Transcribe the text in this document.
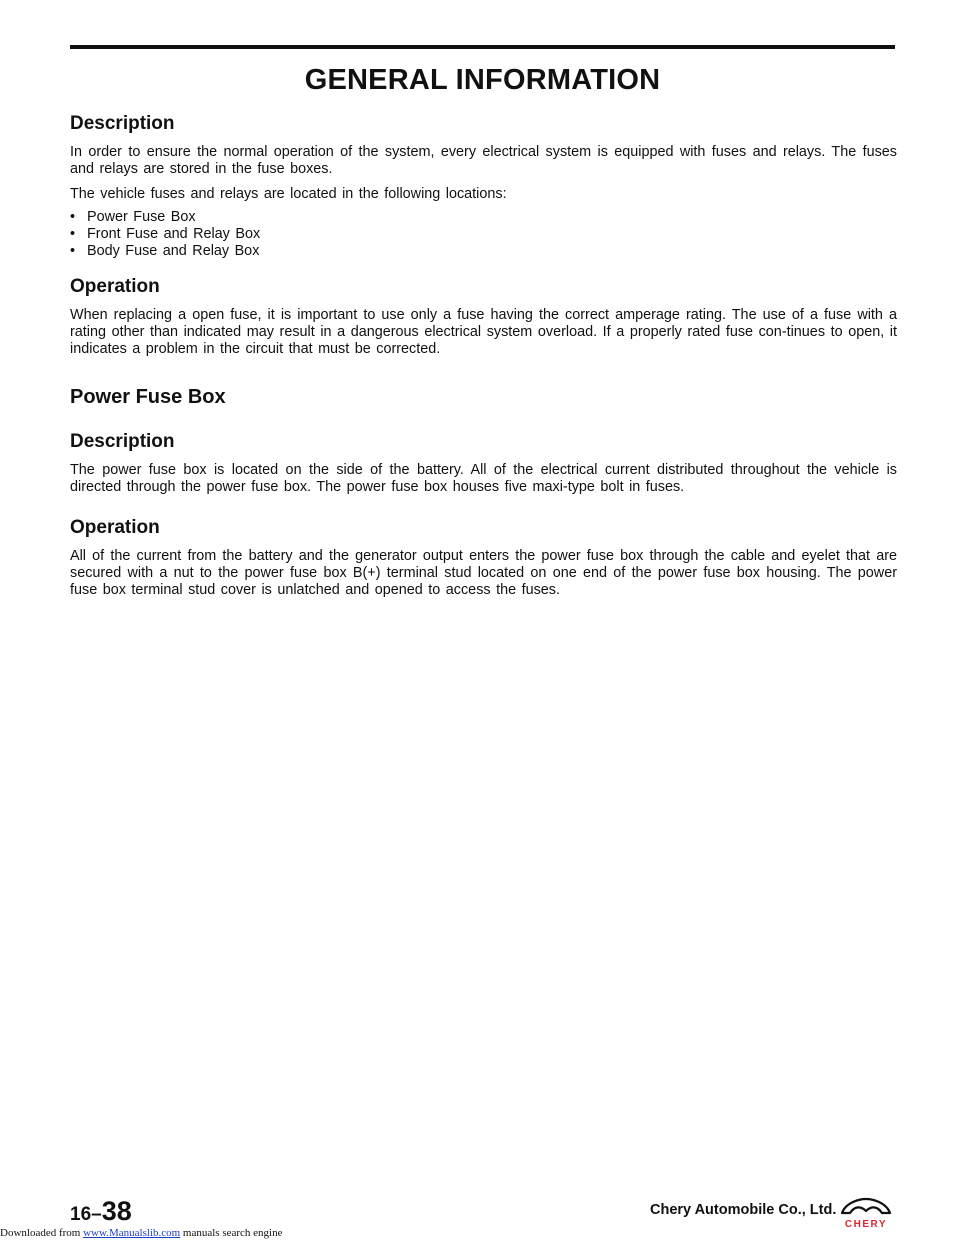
GENERAL INFORMATION
Description

In order to ensure the normal operation of the system, every electrical system is equipped with fuses and relays. The fuses and relays are stored in the fuse boxes.

The vehicle fuses and relays are located in the following locations:

• Power Fuse Box
• Front Fuse and Relay Box
• Body Fuse and Relay Box
Operation

When replacing a open fuse, it is important to use only a fuse having the correct amperage rating. The use of a fuse with a rating other than indicated may result in a dangerous electrical system overload. If a properly rated fuse con-tinues to open, it indicates a problem in the circuit that must be corrected.

Power Fuse Box
Description

The power fuse box is located on the side of the battery. All of the electrical current distributed throughout the vehicle is directed through the power fuse box. The power fuse box houses five maxi-type bolt in fuses.

Operation

All of the current from the battery and the generator output enters the power fuse box through the cable and eyelet that are secured with a nut to the power fuse box B(+) terminal stud located on one end of the power fuse box housing. The power fuse box terminal stud cover is unlatched and opened to access the fuses.

16–38	Chery Automobile Co., Ltd.
CHERY
Downloaded from www.Manualslib.com manuals search engine
